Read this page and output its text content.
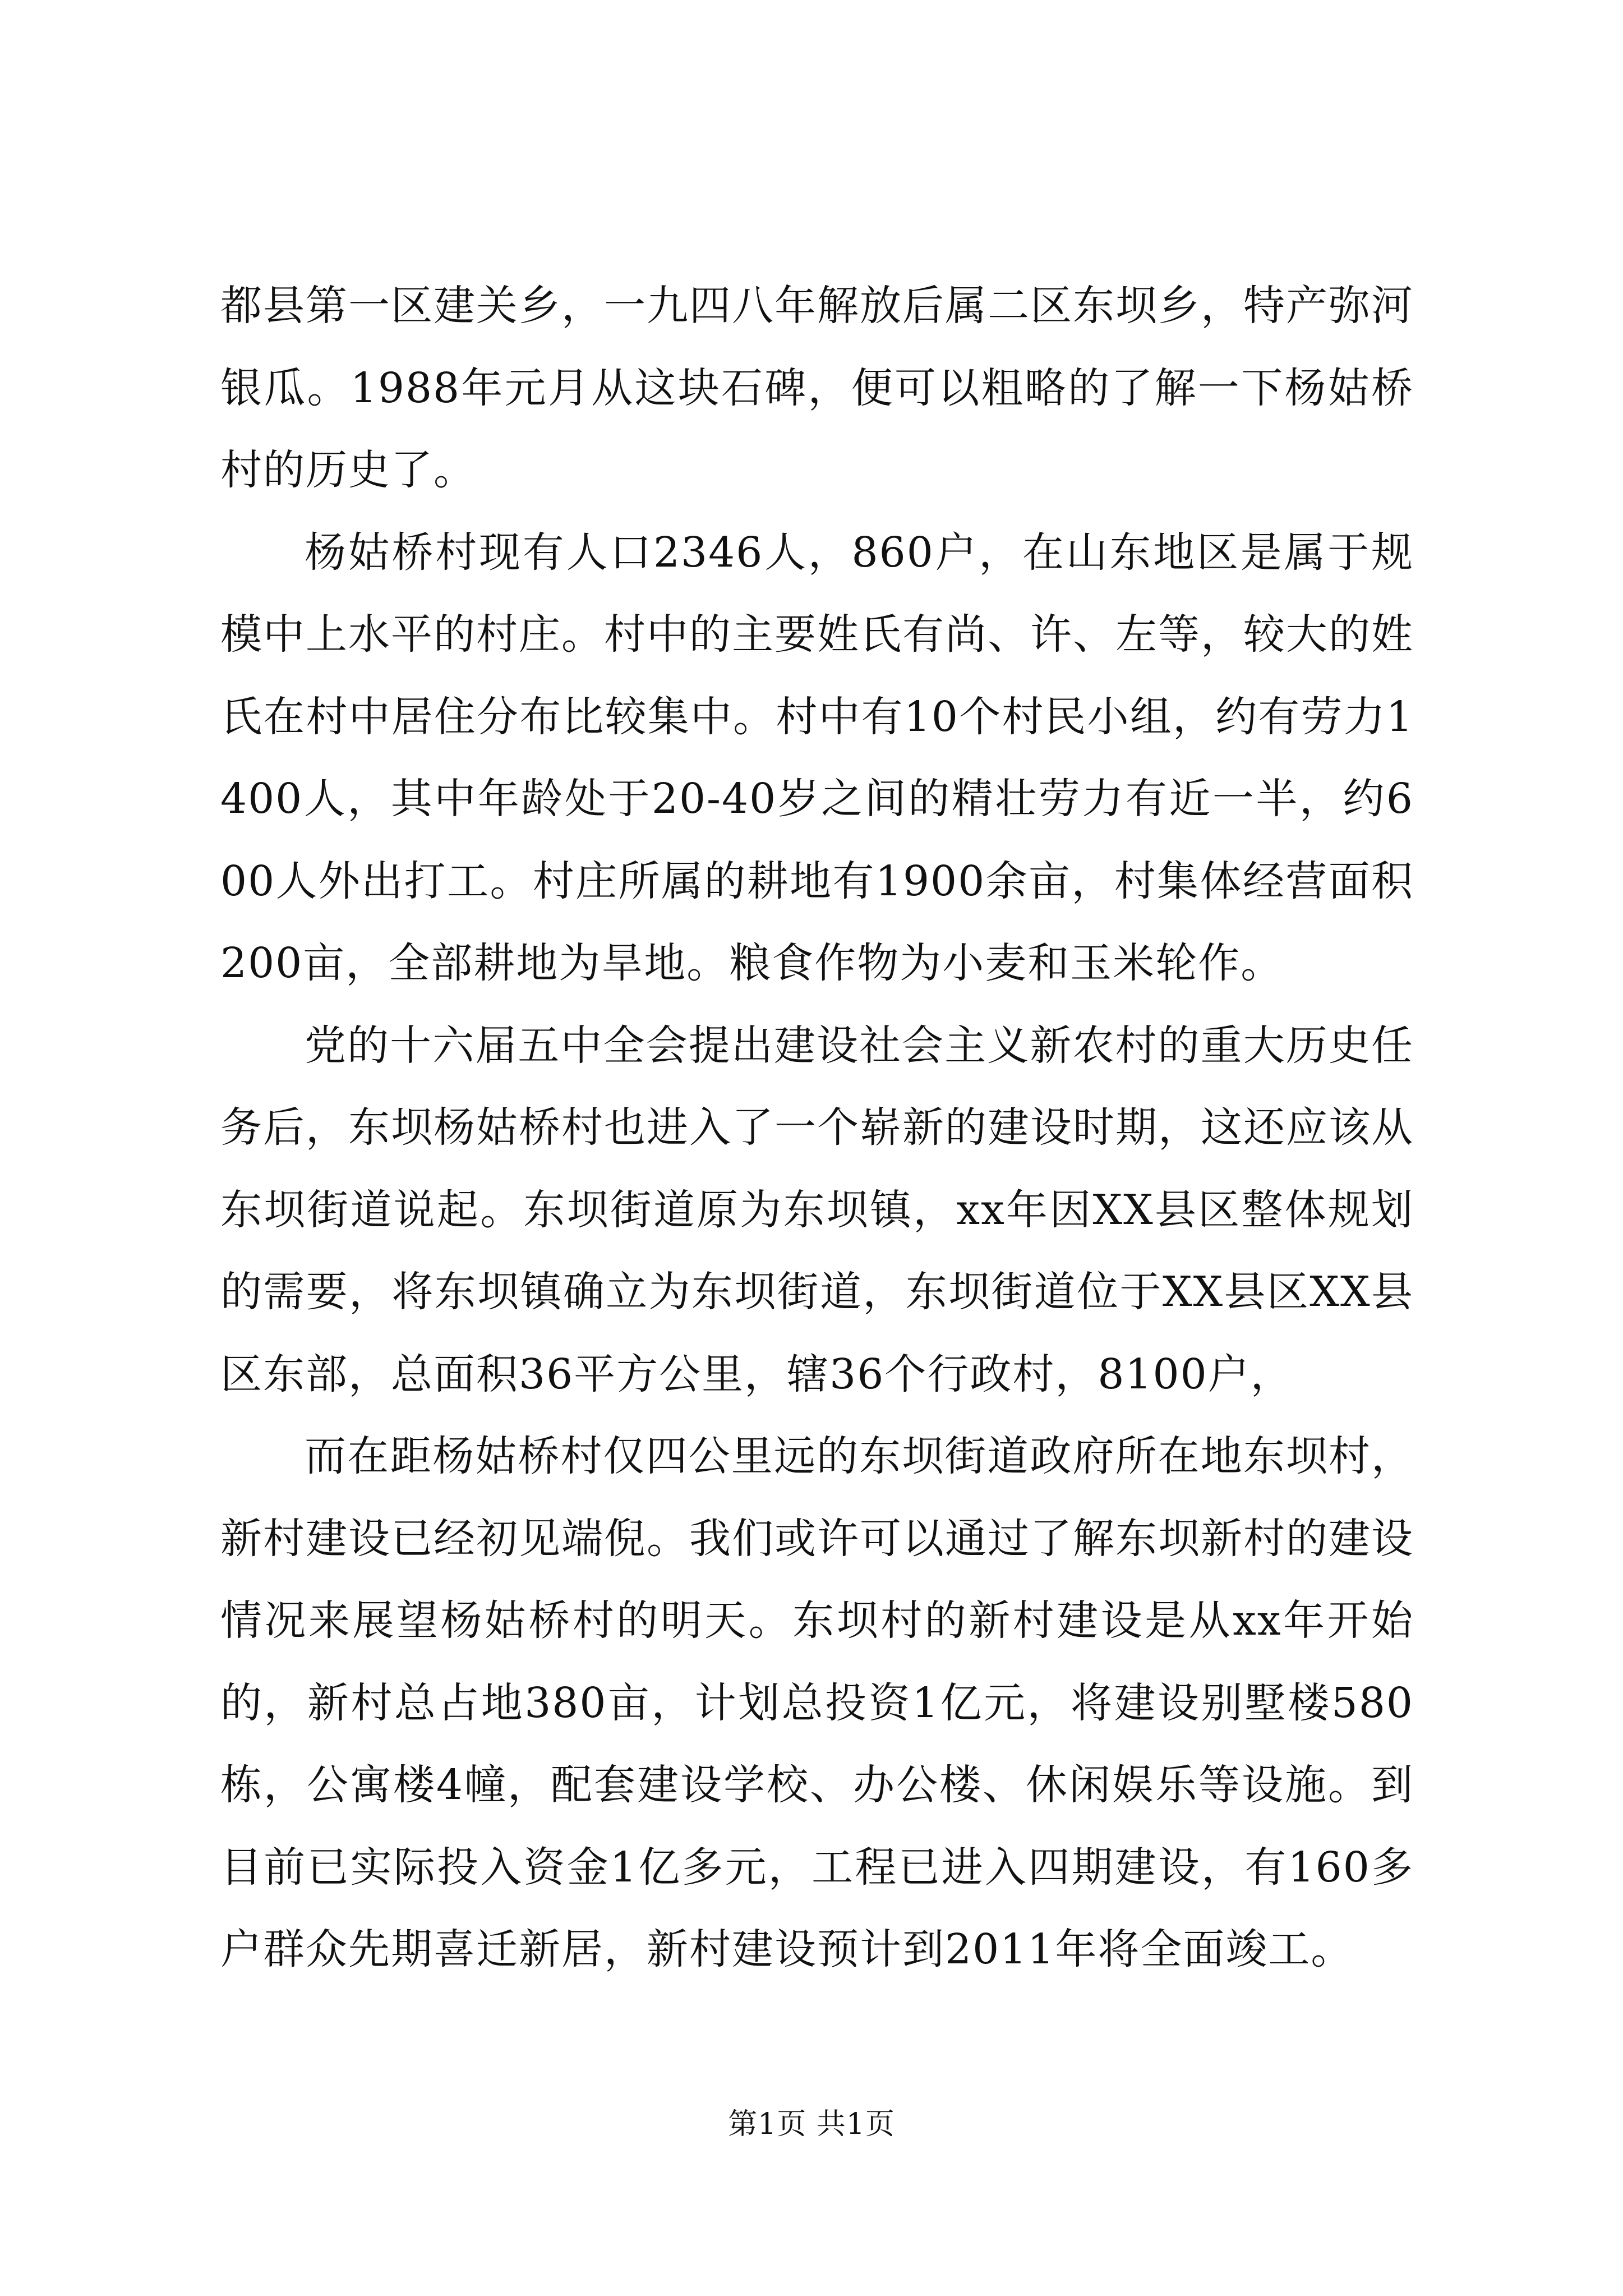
都县第一区建关乡，一九四八年解放后属二区东坝乡，特产弥河银瓜。1988年元月从这块石碑，便可以粗略的了解一下杨姑桥村的历史了。

杨姑桥村现有人口2346人，860户，在山东地区是属于规模中上水平的村庄。村中的主要姓氏有尚、许、左等，较大的姓氏在村中居住分布比较集中。村中有10个村民小组，约有劳力1400人，其中年龄处于20-40岁之间的精壮劳力有近一半，约600人外出打工。村庄所属的耕地有1900余亩，村集体经营面积200亩，全部耕地为旱地。粮食作物为小麦和玉米轮作。

党的十六届五中全会提出建设社会主义新农村的重大历史任务后，东坝杨姑桥村也进入了一个崭新的建设时期，这还应该从东坝街道说起。东坝街道原为东坝镇，xx年因XX县区整体规划的需要，将东坝镇确立为东坝街道，东坝街道位于XX县区XX县区东部，总面积36平方公里，辖36个行政村，8100户，

而在距杨姑桥村仅四公里远的东坝街道政府所在地东坝村，新村建设已经初见端倪。我们或许可以通过了解东坝新村的建设情况来展望杨姑桥村的明天。东坝村的新村建设是从xx年开始的，新村总占地380亩，计划总投资1亿元，将建设别墅楼580栋，公寓楼4幢，配套建设学校、办公楼、休闲娱乐等设施。到目前已实际投入资金1亿多元，工程已进入四期建设，有160多户群众先期喜迁新居，新村建设预计到2011年将全面竣工。

第1页 共1页
